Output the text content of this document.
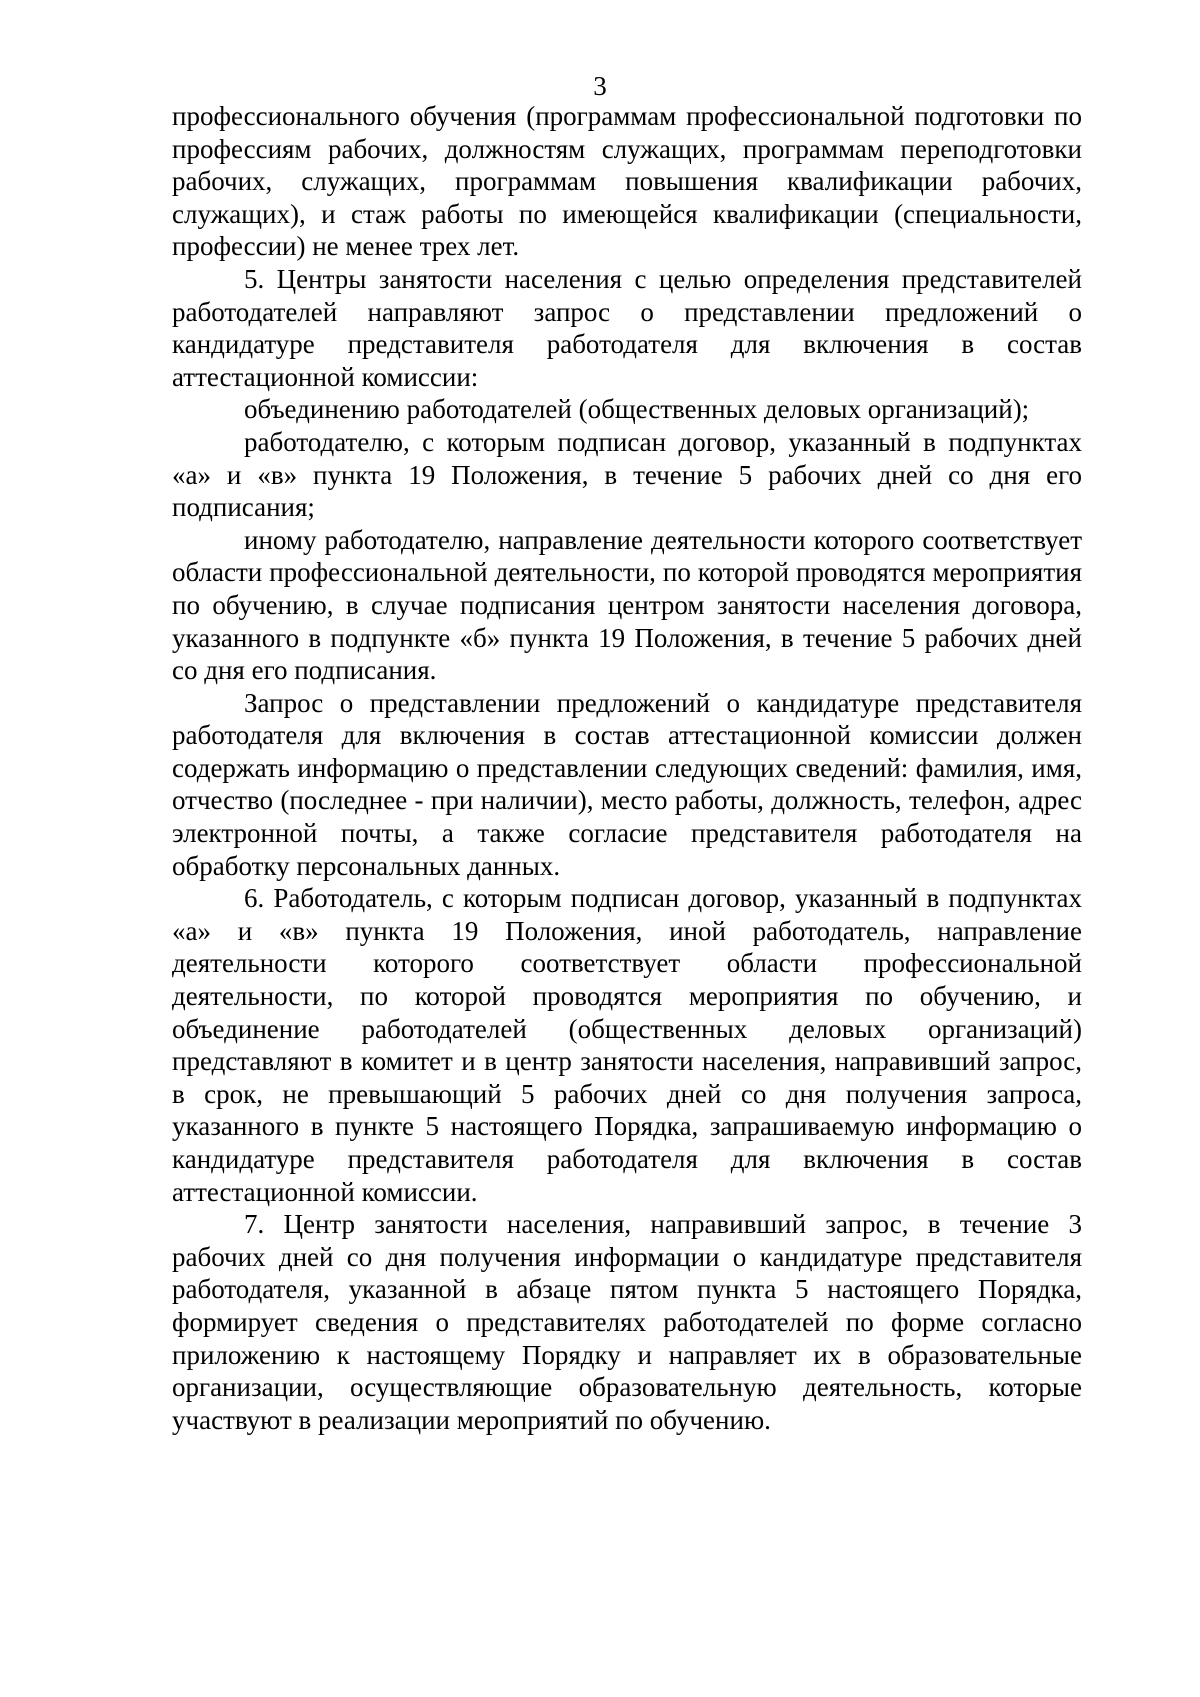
3

профессионального обучения (программам профессиональной подготовки по профессиям рабочих, должностям служащих, программам переподготовки рабочих, служащих, программам повышения квалификации рабочих, служащих), и стаж работы по имеющейся квалификации (специальности, профессии) не менее трех лет.

5. Центры занятости населения с целью определения представителей работодателей направляют запрос о представлении предложений о кандидатуре представителя работодателя для включения в состав аттестационной комиссии:

объединению работодателей (общественных деловых организаций);

работодателю, с которым подписан договор, указанный в подпунктах «а» и «в» пункта 19 Положения, в течение 5 рабочих дней со дня его подписания;

иному работодателю, направление деятельности которого соответствует области профессиональной деятельности, по которой проводятся мероприятия по обучению, в случае подписания центром занятости населения договора, указанного в подпункте «б» пункта 19 Положения, в течение 5 рабочих дней со дня его подписания.

Запрос о представлении предложений о кандидатуре представителя работодателя для включения в состав аттестационной комиссии должен содержать информацию о представлении следующих сведений: фамилия, имя, отчество (последнее - при наличии), место работы, должность, телефон, адрес электронной почты, а также согласие представителя работодателя на обработку персональных данных.

6. Работодатель, с которым подписан договор, указанный в подпунктах «а» и «в» пункта 19 Положения, иной работодатель, направление деятельности которого соответствует области профессиональной деятельности, по которой проводятся мероприятия по обучению, и объединение работодателей (общественных деловых организаций) представляют в комитет и в центр занятости населения, направивший запрос, в срок, не превышающий 5 рабочих дней со дня получения запроса, указанного в пункте 5 настоящего Порядка, запрашиваемую информацию о кандидатуре представителя работодателя для включения в состав аттестационной комиссии.

7. Центр занятости населения, направивший запрос, в течение 3 рабочих дней со дня получения информации о кандидатуре представителя работодателя, указанной в абзаце пятом пункта 5 настоящего Порядка, формирует сведения о представителях работодателей по форме согласно приложению к настоящему Порядку и направляет их в образовательные организации, осуществляющие образовательную деятельность, которые участвуют в реализации мероприятий по обучению.
